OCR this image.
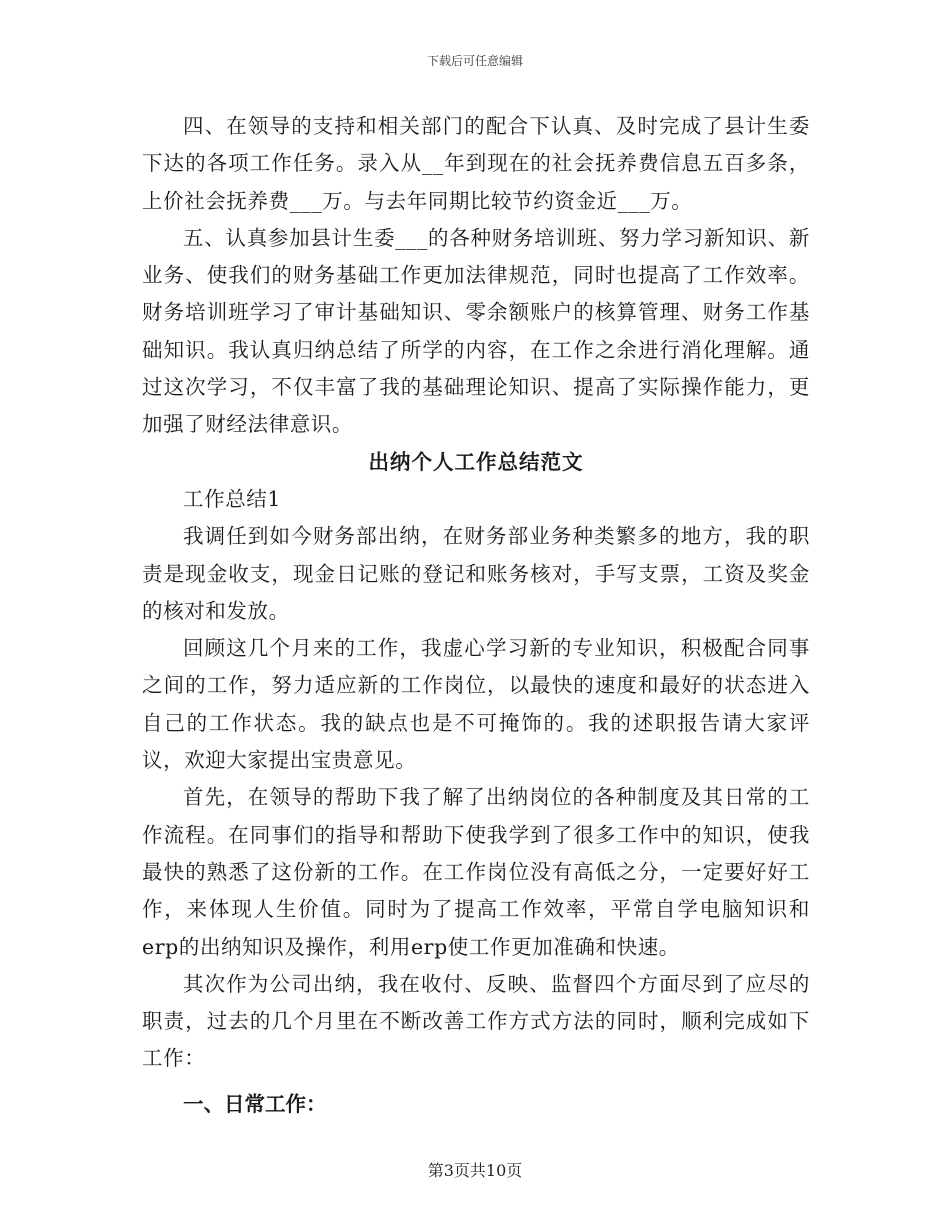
下载后可任意编辑

四、在领导的支持和相关部门的配合下认真、及时完成了县计生委下达的各项工作任务。录入从__年到现在的社会抚养费信息五百多条，上价社会抚养费___万。与去年同期比较节约资金近___万。

五、认真参加县计生委___的各种财务培训班、努力学习新知识、新业务、使我们的财务基础工作更加法律规范，同时也提高了工作效率。财务培训班学习了审计基础知识、零余额账户的核算管理、财务工作基础知识。我认真归纳总结了所学的内容，在工作之余进行消化理解。通过这次学习，不仅丰富了我的基础理论知识、提高了实际操作能力，更加强了财经法律意识。

出纳个人工作总结范文

工作总结1

我调任到如今财务部出纳，在财务部业务种类繁多的地方，我的职责是现金收支，现金日记账的登记和账务核对，手写支票，工资及奖金的核对和发放。

回顾这几个月来的工作，我虚心学习新的专业知识，积极配合同事之间的工作，努力适应新的工作岗位，以最快的速度和最好的状态进入自己的工作状态。我的缺点也是不可掩饰的。我的述职报告请大家评议，欢迎大家提出宝贵意见。

首先，在领导的帮助下我了解了出纳岗位的各种制度及其日常的工作流程。在同事们的指导和帮助下使我学到了很多工作中的知识，使我最快的熟悉了这份新的工作。在工作岗位没有高低之分，一定要好好工作，来体现人生价值。同时为了提高工作效率，平常自学电脑知识和erp的出纳知识及操作，利用erp使工作更加准确和快速。

其次作为公司出纳，我在收付、反映、监督四个方面尽到了应尽的职责，过去的几个月里在不断改善工作方式方法的同时，顺利完成如下工作：

一、日常工作：

第3页共10页
